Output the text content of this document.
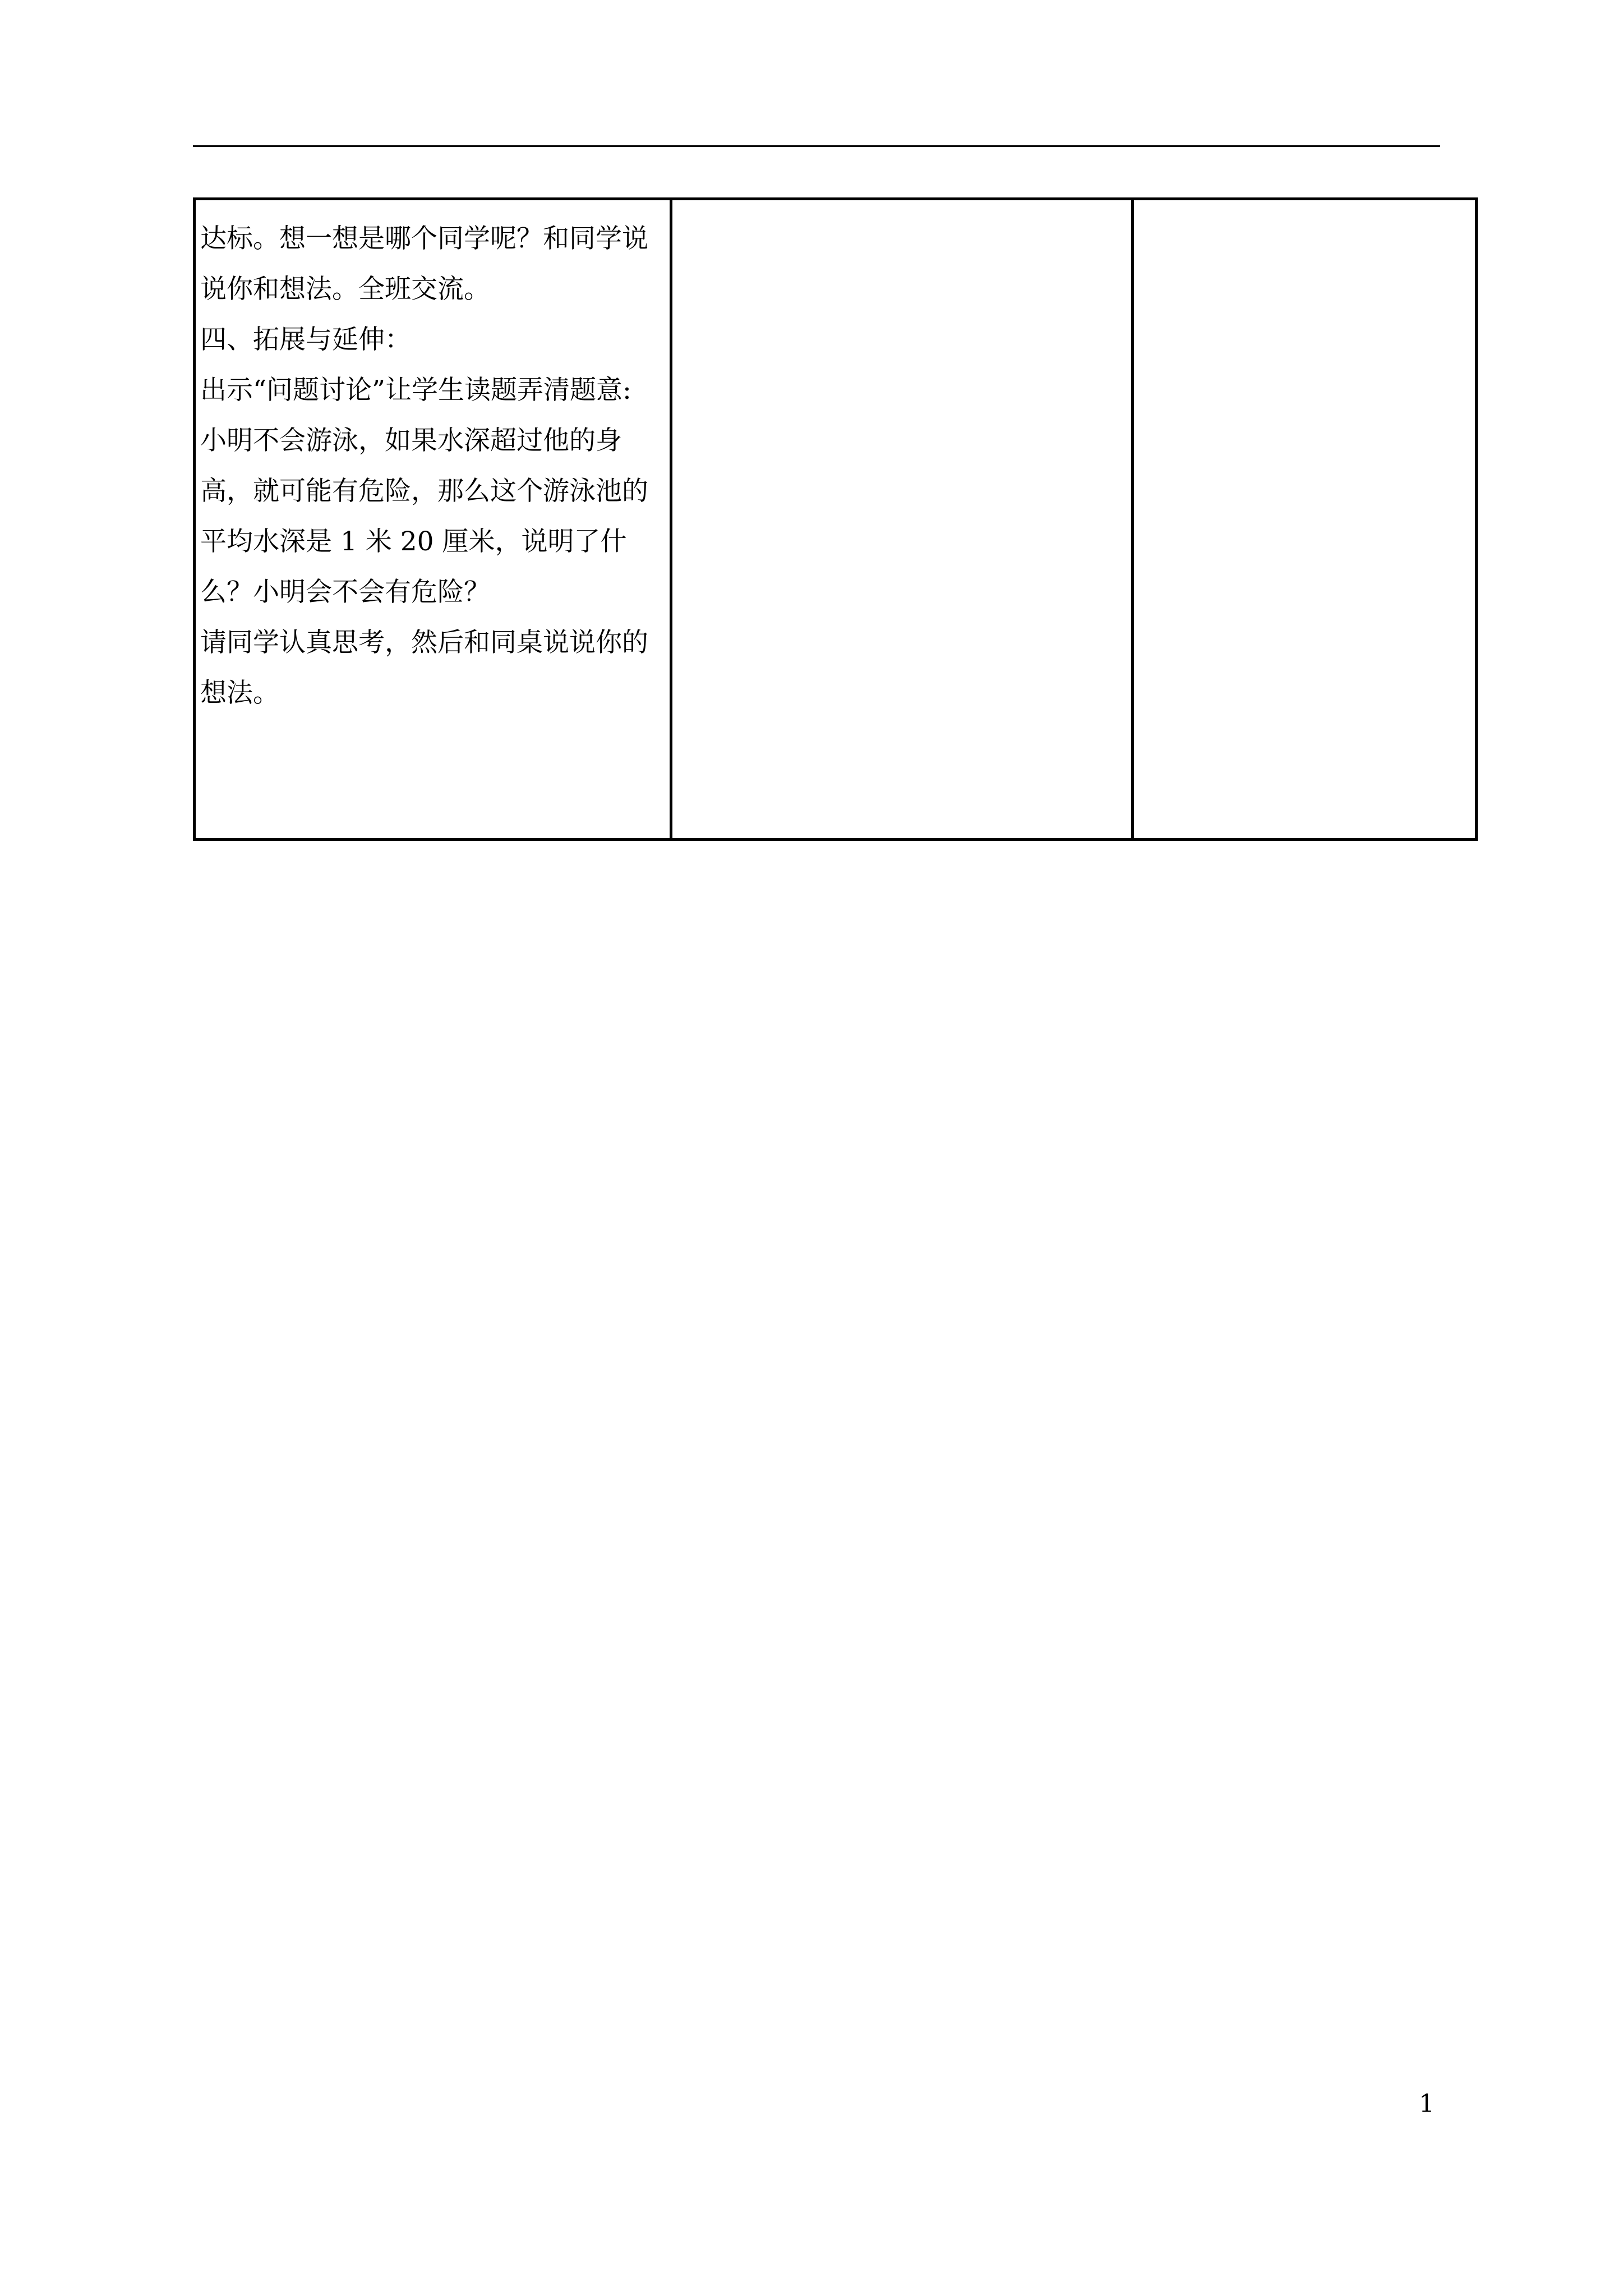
达标。想一想是哪个同学呢？和同学说
说你和想法。全班交流。
四、拓展与延伸：
出示“问题讨论”让学生读题弄清题意:
小明不会游泳，如果水深超过他的身
高，就可能有危险，那么这个游泳池的
平均水深是 1 米 20 厘米，说明了什
么？小明会不会有危险？
请同学认真思考，然后和同桌说说你的
想法。

1
